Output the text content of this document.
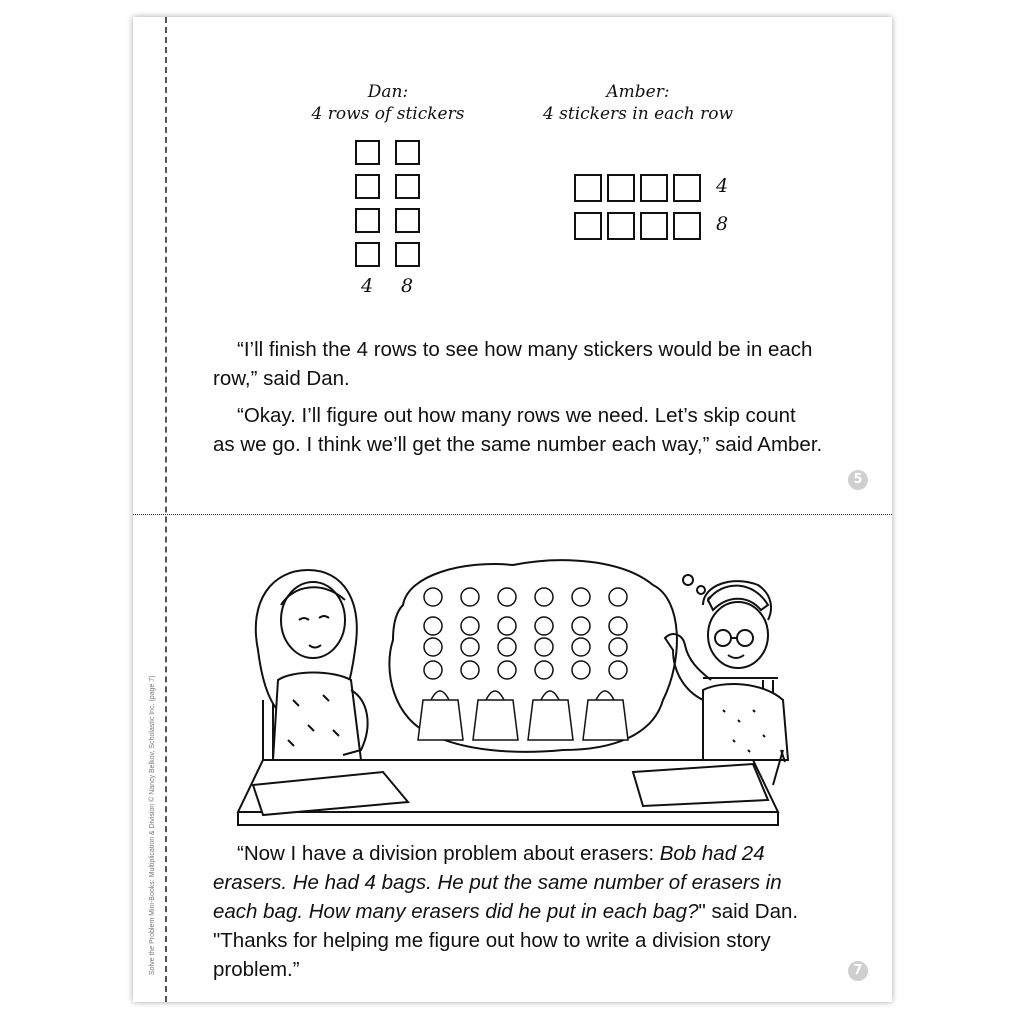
Solve the Problem Mini-Books: Multiplication & Division © Nancy Belkov, Scholastic Inc. (page 7)
Dan:
4 rows of stickers
Amber:
4 stickers in each row
4 8
4
8
“I’ll finish the 4 rows to see how many stickers would be in each row,” said Dan.
“Okay. I’ll figure out how many rows we need. Let’s skip count as we go. I think we’ll get the same number each way,” said Amber.
5
“Now I have a division problem about erasers: Bob had 24 erasers. He had 4 bags. He put the same number of erasers in each bag. How many erasers did he put in each bag?" said Dan. "Thanks for helping me figure out how to write a division story problem.”	7
